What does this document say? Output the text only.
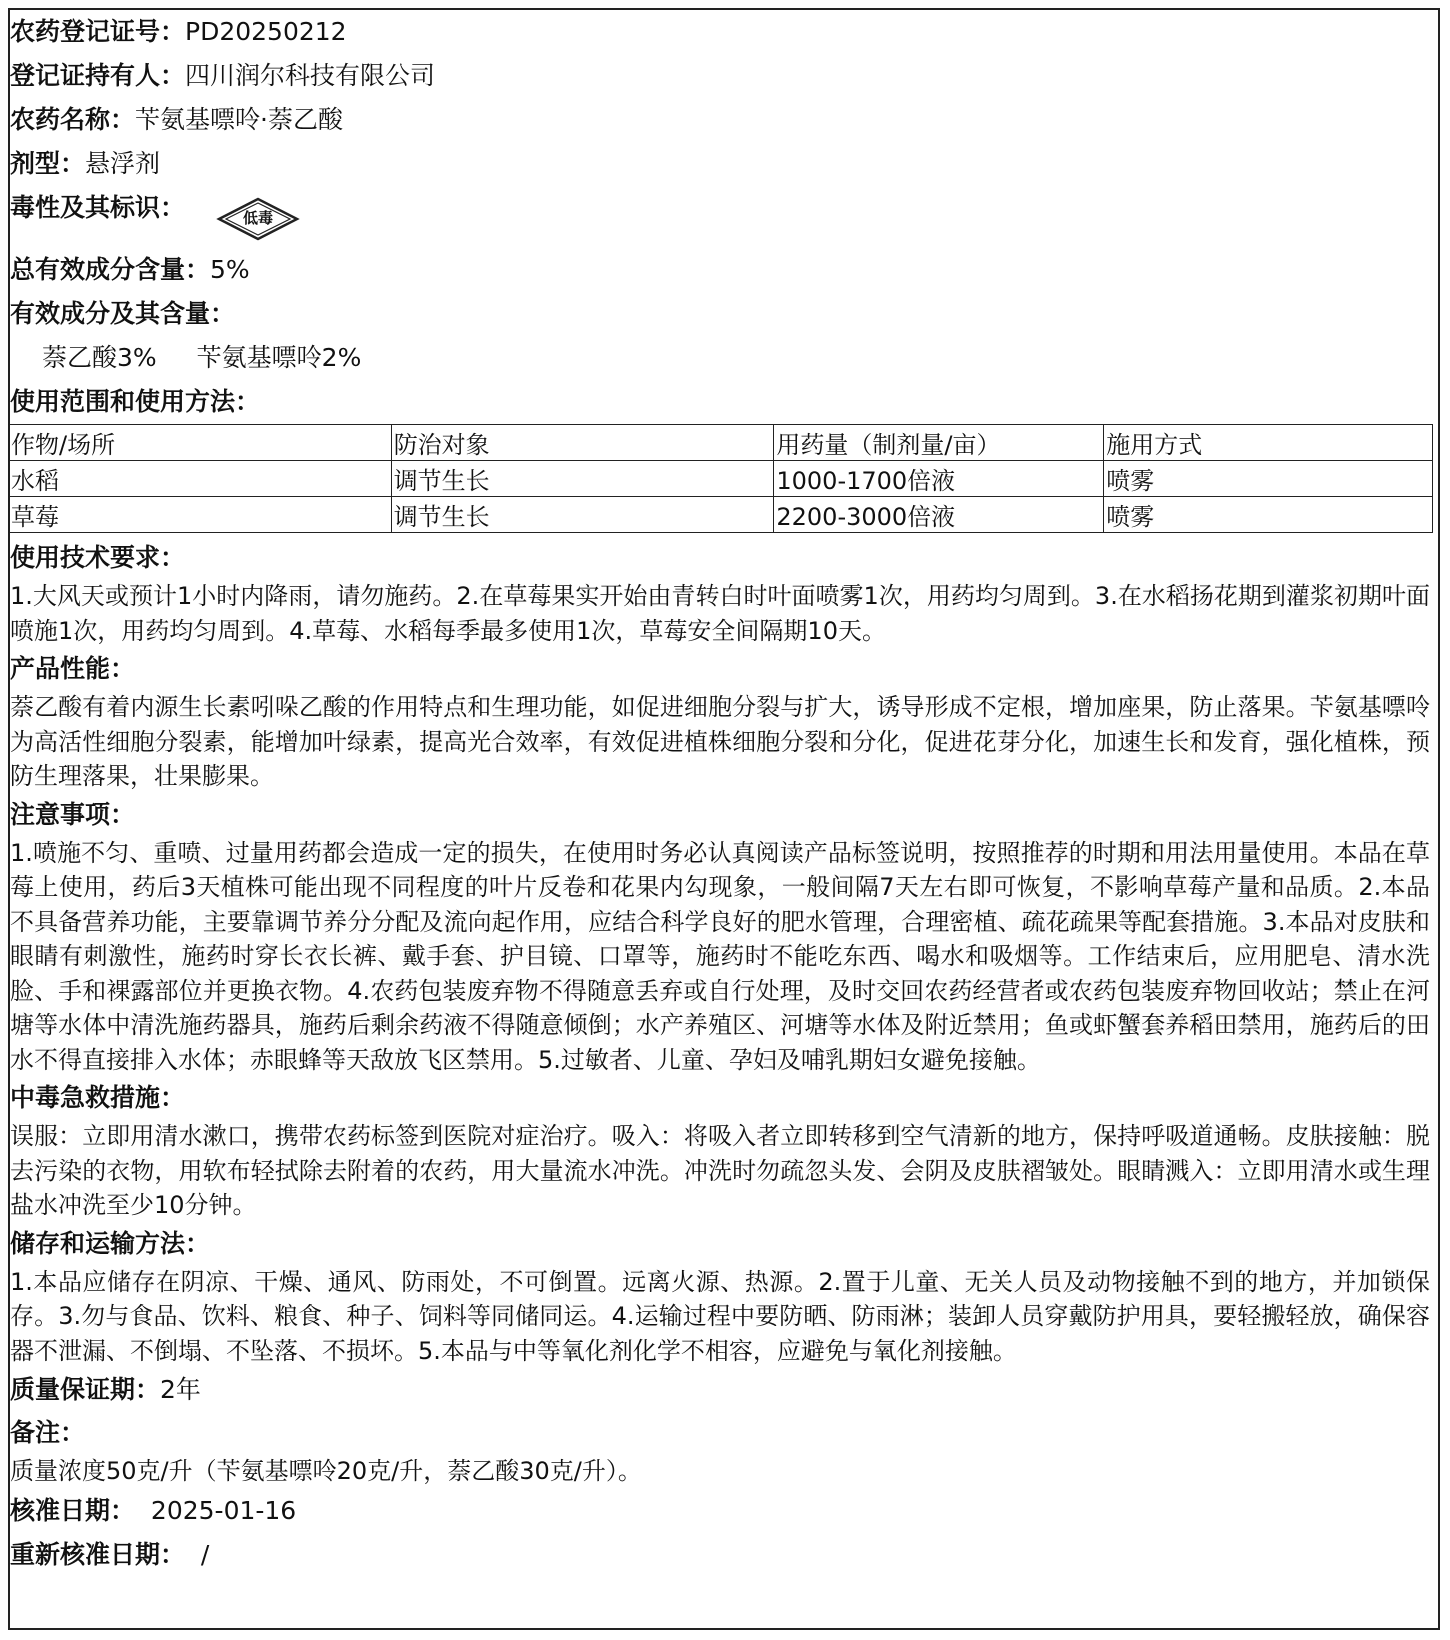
农药登记证号：PD20250212
登记证持有人：四川润尔科技有限公司
农药名称：苄氨基嘌呤·萘乙酸
剂型：悬浮剂
毒性及其标识：	低毒
总有效成分含量：5%
有效成分及其含量：
萘乙酸3% 苄氨基嘌呤2%
使用范围和使用方法：
作物/场所	防治对象	用药量（制剂量/亩）	施用方式
水稻	调节生长	1000-1700倍液	喷雾
草莓	调节生长	2200-3000倍液	喷雾
使用技术要求：
1.大风天或预计1小时内降雨，请勿施药。2.在草莓果实开始由青转白时叶面喷雾1次，用药均匀周到。3.在水稻扬花期到灌浆初期叶面喷施1次，用药均匀周到。4.草莓、水稻每季最多使用1次，草莓安全间隔期10天。
产品性能：
萘乙酸有着内源生长素吲哚乙酸的作用特点和生理功能，如促进细胞分裂与扩大，诱导形成不定根，增加座果，防止落果。苄氨基嘌呤为高活性细胞分裂素，能增加叶绿素，提高光合效率，有效促进植株细胞分裂和分化，促进花芽分化，加速生长和发育，强化植株，预防生理落果，壮果膨果。
注意事项：
1.喷施不匀、重喷、过量用药都会造成一定的损失，在使用时务必认真阅读产品标签说明，按照推荐的时期和用法用量使用。本品在草莓上使用，药后3天植株可能出现不同程度的叶片反卷和花果内勾现象，一般间隔7天左右即可恢复，不影响草莓产量和品质。2.本品不具备营养功能，主要靠调节养分分配及流向起作用，应结合科学良好的肥水管理，合理密植、疏花疏果等配套措施。3.本品对皮肤和眼睛有刺激性，施药时穿长衣长裤、戴手套、护目镜、口罩等，施药时不能吃东西、喝水和吸烟等。工作结束后，应用肥皂、清水洗脸、手和裸露部位并更换衣物。4.农药包装废弃物不得随意丢弃或自行处理，及时交回农药经营者或农药包装废弃物回收站；禁止在河塘等水体中清洗施药器具，施药后剩余药液不得随意倾倒；水产养殖区、河塘等水体及附近禁用；鱼或虾蟹套养稻田禁用，施药后的田水不得直接排入水体；赤眼蜂等天敌放飞区禁用。5.过敏者、儿童、孕妇及哺乳期妇女避免接触。
中毒急救措施：
误服：立即用清水漱口，携带农药标签到医院对症治疗。吸入：将吸入者立即转移到空气清新的地方，保持呼吸道通畅。皮肤接触：脱去污染的衣物，用软布轻拭除去附着的农药，用大量流水冲洗。冲洗时勿疏忽头发、会阴及皮肤褶皱处。眼睛溅入：立即用清水或生理盐水冲洗至少10分钟。
储存和运输方法：
1.本品应储存在阴凉、干燥、通风、防雨处，不可倒置。远离火源、热源。2.置于儿童、无关人员及动物接触不到的地方，并加锁保存。3.勿与食品、饮料、粮食、种子、饲料等同储同运。4.运输过程中要防晒、防雨淋；装卸人员穿戴防护用具，要轻搬轻放，确保容器不泄漏、不倒塌、不坠落、不损坏。5.本品与中等氧化剂化学不相容，应避免与氧化剂接触。
质量保证期：2年
备注：
质量浓度50克/升（苄氨基嘌呤20克/升，萘乙酸30克/升）。
核准日期： 2025-01-16
重新核准日期： /
